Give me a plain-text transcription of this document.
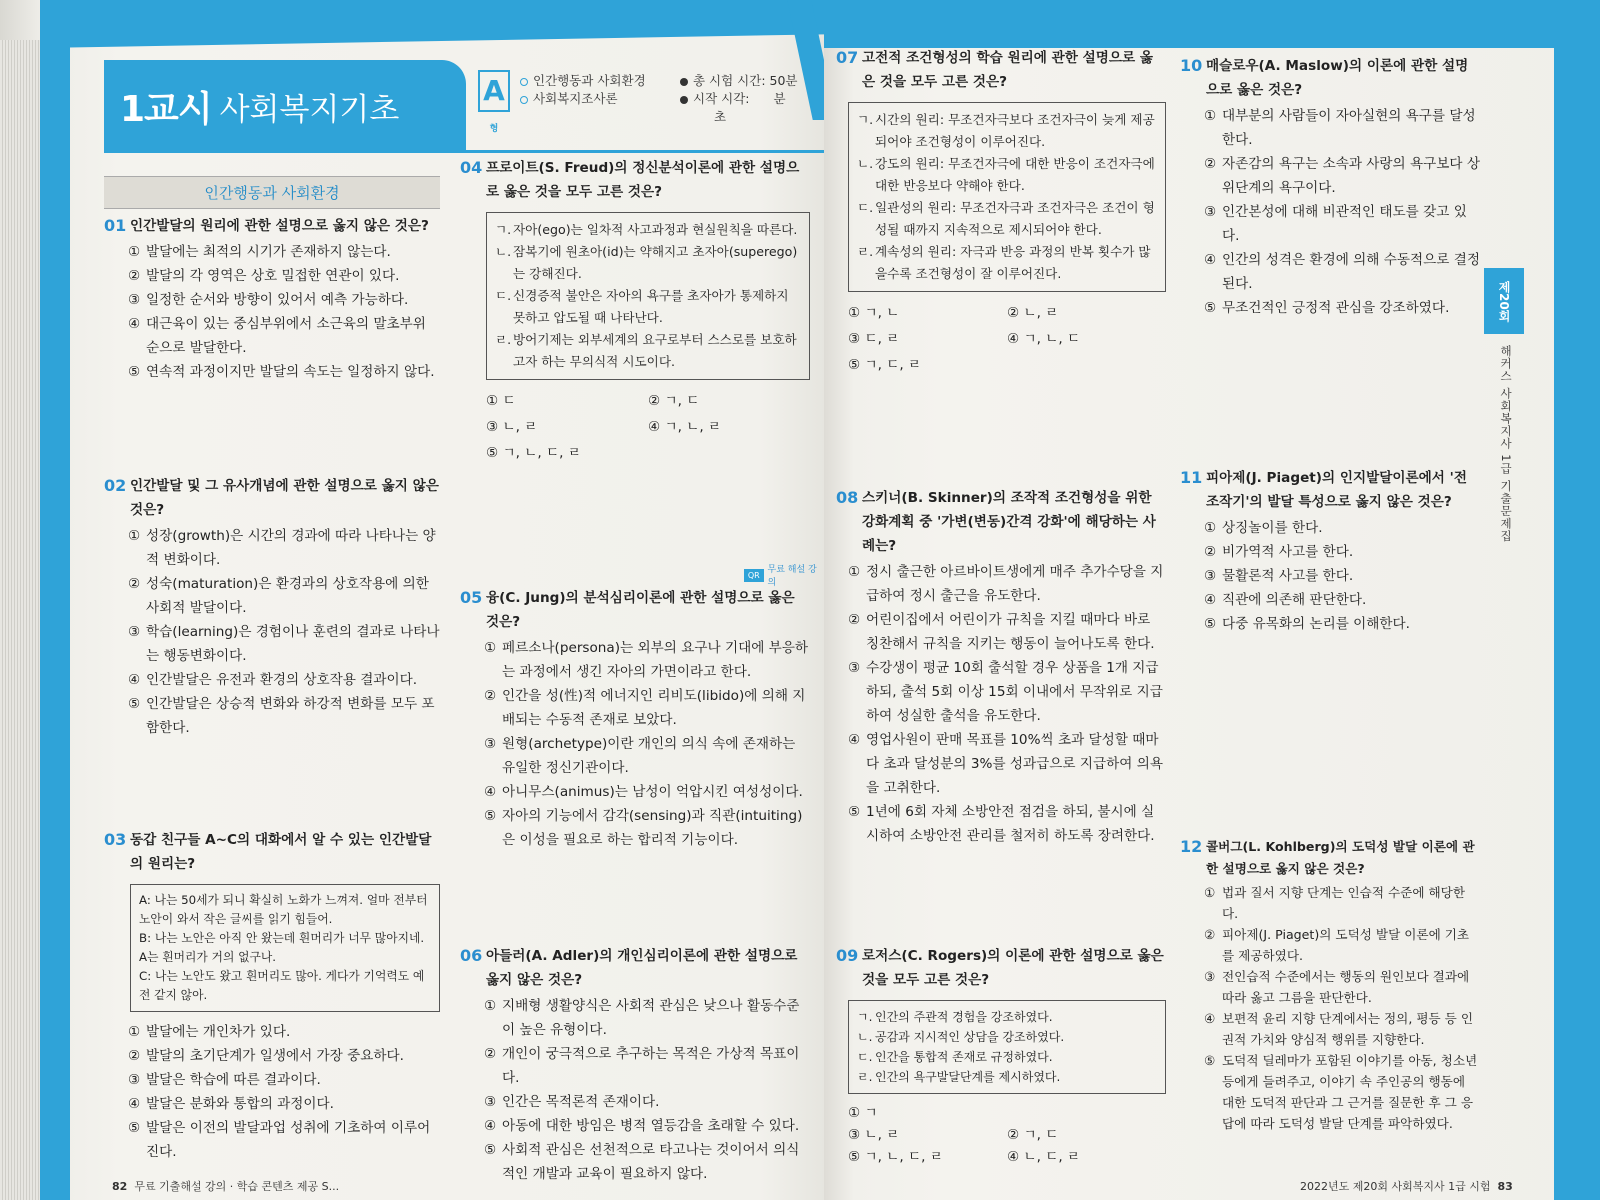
1교시 사회복지기초
A형
인간행동과 사회환경
사회복지조사론
총 시험 시간: 50분
시작 시각: 분초
인간행동과 사회환경
01 인간발달의 원리에 관한 설명으로 옳지 않은 것은?
① 발달에는 최적의 시기가 존재하지 않는다.
② 발달의 각 영역은 상호 밀접한 연관이 있다.
③ 일정한 순서와 방향이 있어서 예측 가능하다.
④ 대근육이 있는 중심부위에서 소근육의 말초부위 순으로 발달한다.
⑤ 연속적 과정이지만 발달의 속도는 일정하지 않다.
02 인간발달 및 그 유사개념에 관한 설명으로 옳지 않은 것은?
① 성장(growth)은 시간의 경과에 따라 나타나는 양적 변화이다.
② 성숙(maturation)은 환경과의 상호작용에 의한 사회적 발달이다.
③ 학습(learning)은 경험이나 훈련의 결과로 나타나는 행동변화이다.
④ 인간발달은 유전과 환경의 상호작용 결과이다.
⑤ 인간발달은 상승적 변화와 하강적 변화를 모두 포함한다.
03 동갑 친구들 A~C의 대화에서 알 수 있는 인간발달의 원리는?
A: 나는 50세가 되니 확실히 노화가 느껴져. 얼마 전부터 노안이 와서 작은 글씨를 읽기 힘들어.
B: 나는 노안은 아직 안 왔는데 흰머리가 너무 많아지네. A는 흰머리가 거의 없구나.
C: 나는 노안도 왔고 흰머리도 많아. 게다가 기억력도 예전 같지 않아.
① 발달에는 개인차가 있다.
② 발달의 초기단계가 일생에서 가장 중요하다.
③ 발달은 학습에 따른 결과이다.
④ 발달은 분화와 통합의 과정이다.
⑤ 발달은 이전의 발달과업 성취에 기초하여 이루어진다.
04 프로이트(S. Freud)의 정신분석이론에 관한 설명으로 옳은 것을 모두 고른 것은?
ㄱ. 자아(ego)는 일차적 사고과정과 현실원칙을 따른다.
ㄴ. 잠복기에 원초아(id)는 약해지고 초자아(superego)는 강해진다.
ㄷ. 신경증적 불안은 자아의 욕구를 초자아가 통제하지 못하고 압도될 때 나타난다.
ㄹ. 방어기제는 외부세계의 요구로부터 스스로를 보호하고자 하는 무의식적 시도이다.
① ㄷ	② ㄱ, ㄷ
③ ㄴ, ㄹ	④ ㄱ, ㄴ, ㄹ
⑤ ㄱ, ㄴ, ㄷ, ㄹ
QR 무료 해설 강의
05 융(C. Jung)의 분석심리이론에 관한 설명으로 옳은 것은?
① 페르소나(persona)는 외부의 요구나 기대에 부응하는 과정에서 생긴 자아의 가면이라고 한다.
② 인간을 성(性)적 에너지인 리비도(libido)에 의해 지배되는 수동적 존재로 보았다.
③ 원형(archetype)이란 개인의 의식 속에 존재하는 유일한 정신기관이다.
④ 아니무스(animus)는 남성이 억압시킨 여성성이다.
⑤ 자아의 기능에서 감각(sensing)과 직관(intuiting)은 이성을 필요로 하는 합리적 기능이다.
06 아들러(A. Adler)의 개인심리이론에 관한 설명으로 옳지 않은 것은?
① 지배형 생활양식은 사회적 관심은 낮으나 활동수준이 높은 유형이다.
② 개인이 궁극적으로 추구하는 목적은 가상적 목표이다.
③ 인간은 목적론적 존재이다.
④ 아동에 대한 방임은 병적 열등감을 초래할 수 있다.
⑤ 사회적 관심은 선천적으로 타고나는 것이어서 의식적인 개발과 교육이 필요하지 않다.
82 무료 기출해설 강의 · 학습 콘텐츠 제공 S...
07 고전적 조건형성의 학습 원리에 관한 설명으로 옳은 것을 모두 고른 것은?
ㄱ. 시간의 원리: 무조건자극보다 조건자극이 늦게 제공되어야 조건형성이 이루어진다.
ㄴ. 강도의 원리: 무조건자극에 대한 반응이 조건자극에 대한 반응보다 약해야 한다.
ㄷ. 일관성의 원리: 무조건자극과 조건자극은 조건이 형성될 때까지 지속적으로 제시되어야 한다.
ㄹ. 계속성의 원리: 자극과 반응 과정의 반복 횟수가 많을수록 조건형성이 잘 이루어진다.
① ㄱ, ㄴ	② ㄴ, ㄹ
③ ㄷ, ㄹ	④ ㄱ, ㄴ, ㄷ
⑤ ㄱ, ㄷ, ㄹ
08 스키너(B. Skinner)의 조작적 조건형성을 위한 강화계획 중 '가변(변동)간격 강화'에 해당하는 사례는?
① 정시 출근한 아르바이트생에게 매주 추가수당을 지급하여 정시 출근을 유도한다.
② 어린이집에서 어린이가 규칙을 지킬 때마다 바로 칭찬해서 규칙을 지키는 행동이 늘어나도록 한다.
③ 수강생이 평균 10회 출석할 경우 상품을 1개 지급하되, 출석 5회 이상 15회 이내에서 무작위로 지급하여 성실한 출석을 유도한다.
④ 영업사원이 판매 목표를 10%씩 초과 달성할 때마다 초과 달성분의 3%를 성과급으로 지급하여 의욕을 고취한다.
⑤ 1년에 6회 자체 소방안전 점검을 하되, 불시에 실시하여 소방안전 관리를 철저히 하도록 장려한다.
09 로저스(C. Rogers)의 이론에 관한 설명으로 옳은 것을 모두 고른 것은?
ㄱ. 인간의 주관적 경험을 강조하였다.
ㄴ. 공감과 지시적인 상담을 강조하였다.
ㄷ. 인간을 통합적 존재로 규정하였다.
ㄹ. 인간의 욕구발달단계를 제시하였다.
① ㄱ
③ ㄴ, ㄹ	② ㄱ, ㄷ
⑤ ㄱ, ㄴ, ㄷ, ㄹ	④ ㄴ, ㄷ, ㄹ
10 매슬로우(A. Maslow)의 이론에 관한 설명으로 옳은 것은?
① 대부분의 사람들이 자아실현의 욕구를 달성한다.
② 자존감의 욕구는 소속과 사랑의 욕구보다 상위단계의 욕구이다.
③ 인간본성에 대해 비관적인 태도를 갖고 있다.
④ 인간의 성격은 환경에 의해 수동적으로 결정된다.
⑤ 무조건적인 긍정적 관심을 강조하였다.
11 피아제(J. Piaget)의 인지발달이론에서 '전조작기'의 발달 특성으로 옳지 않은 것은?
① 상징놀이를 한다.
② 비가역적 사고를 한다.
③ 물활론적 사고를 한다.
④ 직관에 의존해 판단한다.
⑤ 다중 유목화의 논리를 이해한다.
12 콜버그(L. Kohlberg)의 도덕성 발달 이론에 관한 설명으로 옳지 않은 것은?
① 법과 질서 지향 단계는 인습적 수준에 해당한다.
② 피아제(J. Piaget)의 도덕성 발달 이론에 기초를 제공하였다.
③ 전인습적 수준에서는 행동의 원인보다 결과에 따라 옳고 그름을 판단한다.
④ 보편적 윤리 지향 단계에서는 정의, 평등 등 인권적 가치와 양심적 행위를 지향한다.
⑤ 도덕적 딜레마가 포함된 이야기를 아동, 청소년 등에게 들려주고, 이야기 속 주인공의 행동에 대한 도덕적 판단과 그 근거를 질문한 후 그 응답에 따라 도덕성 발달 단계를 파악하였다.
제20회
해커스 사회복지사 1급 기출문제집
2022년도 제20회 사회복지사 1급 시험 83
